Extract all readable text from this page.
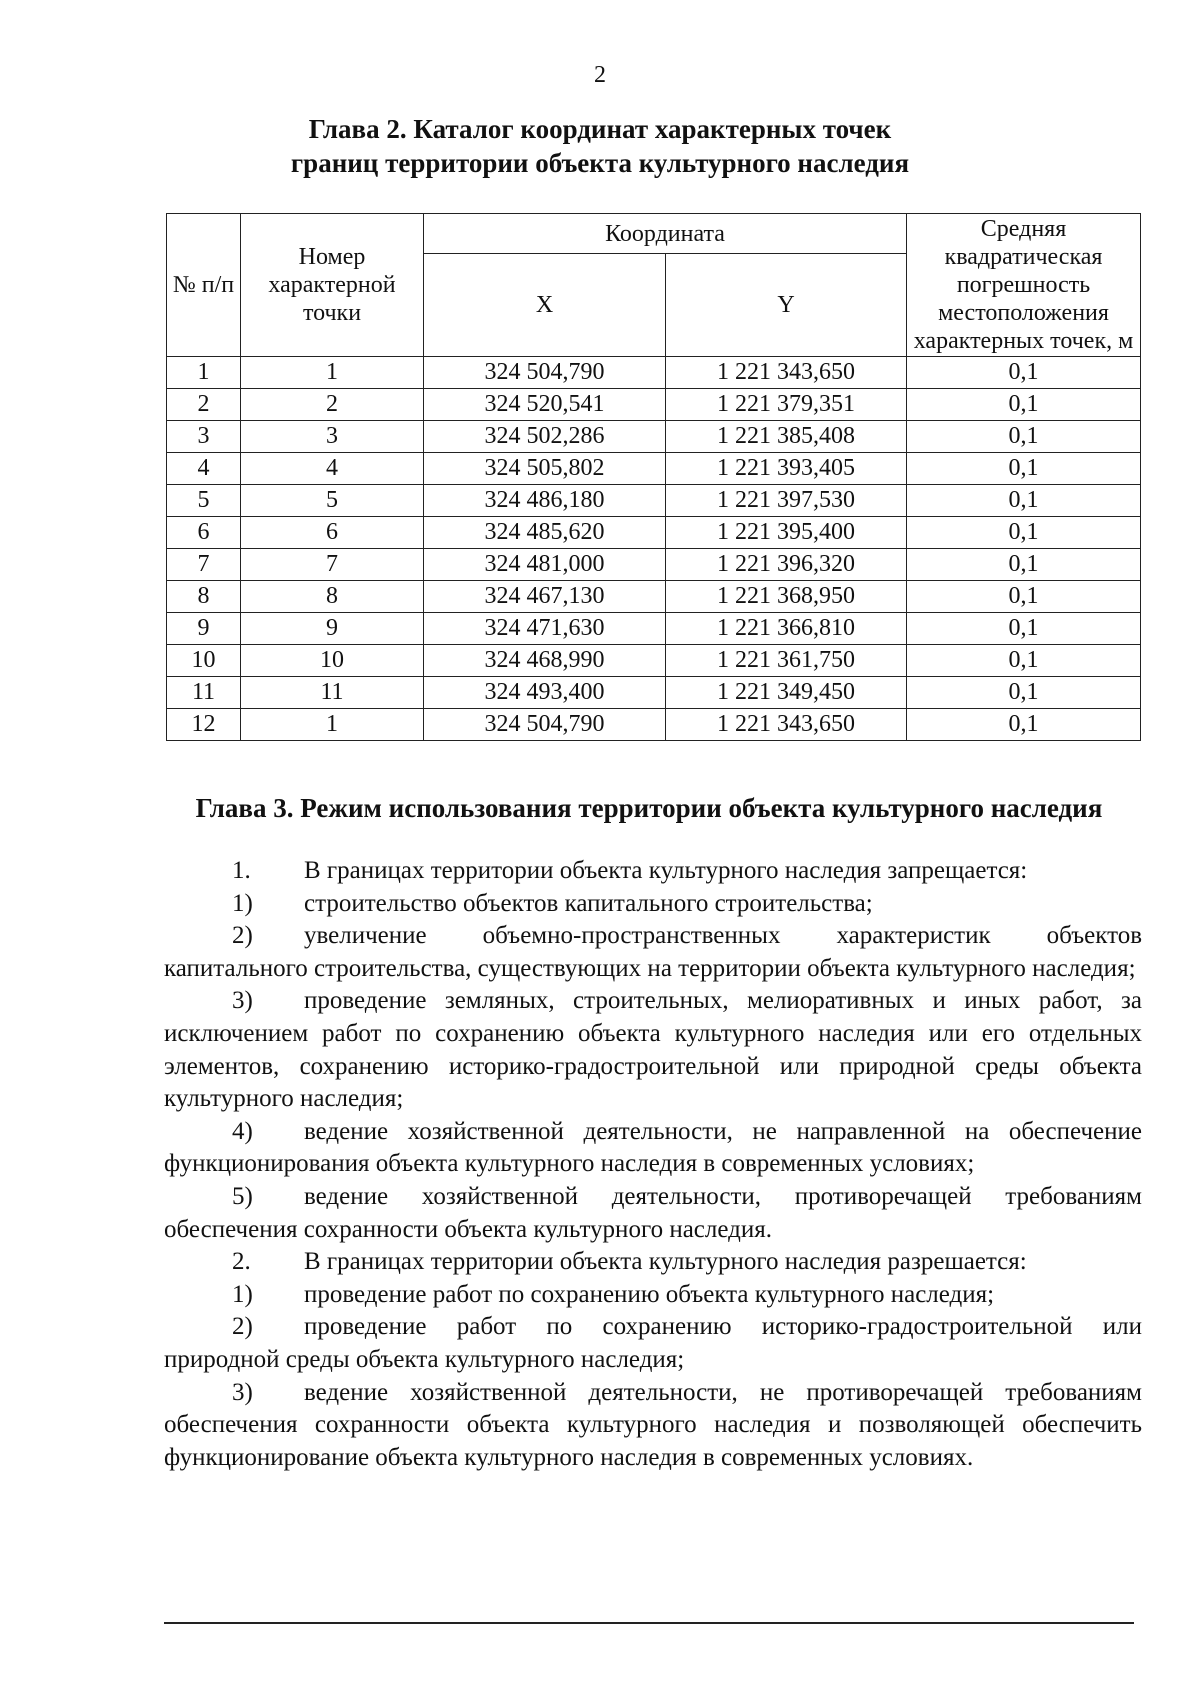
2
Глава 2. Каталог координат характерных точек
границ территории объекта культурного наследия
№ п/п	Номер характерной точки	Координата		Средняя квадратическая погрешность местоположения характерных точек, м
		X	Y	
1	1	324 504,790	1 221 343,650	0,1
2	2	324 520,541	1 221 379,351	0,1
3	3	324 502,286	1 221 385,408	0,1
4	4	324 505,802	1 221 393,405	0,1
5	5	324 486,180	1 221 397,530	0,1
6	6	324 485,620	1 221 395,400	0,1
7	7	324 481,000	1 221 396,320	0,1
8	8	324 467,130	1 221 368,950	0,1
9	9	324 471,630	1 221 366,810	0,1
10	10	324 468,990	1 221 361,750	0,1
11	11	324 493,400	1 221 349,450	0,1
12	1	324 504,790	1 221 343,650	0,1
Глава 3. Режим использования территории объекта культурного наследия

1. В границах территории объекта культурного наследия запрещается:

1) строительство объектов капитального строительства;

2) увеличение объемно-пространственных характеристик объектов капитального строительства, существующих на территории объекта культурного наследия;

3) проведение земляных, строительных, мелиоративных и иных работ, за исключением работ по сохранению объекта культурного наследия или его отдельных элементов, сохранению историко-градостроительной или природной среды объекта культурного наследия;

4) ведение хозяйственной деятельности, не направленной на обеспечение функционирования объекта культурного наследия в современных условиях;

5) ведение хозяйственной деятельности, противоречащей требованиям обеспечения сохранности объекта культурного наследия.

2. В границах территории объекта культурного наследия разрешается:

1) проведение работ по сохранению объекта культурного наследия;

2) проведение работ по сохранению историко-градостроительной или природной среды объекта культурного наследия;

3) ведение хозяйственной деятельности, не противоречащей требованиям обеспечения сохранности объекта культурного наследия и позволяющей обеспечить функционирование объекта культурного наследия в современных условиях.
